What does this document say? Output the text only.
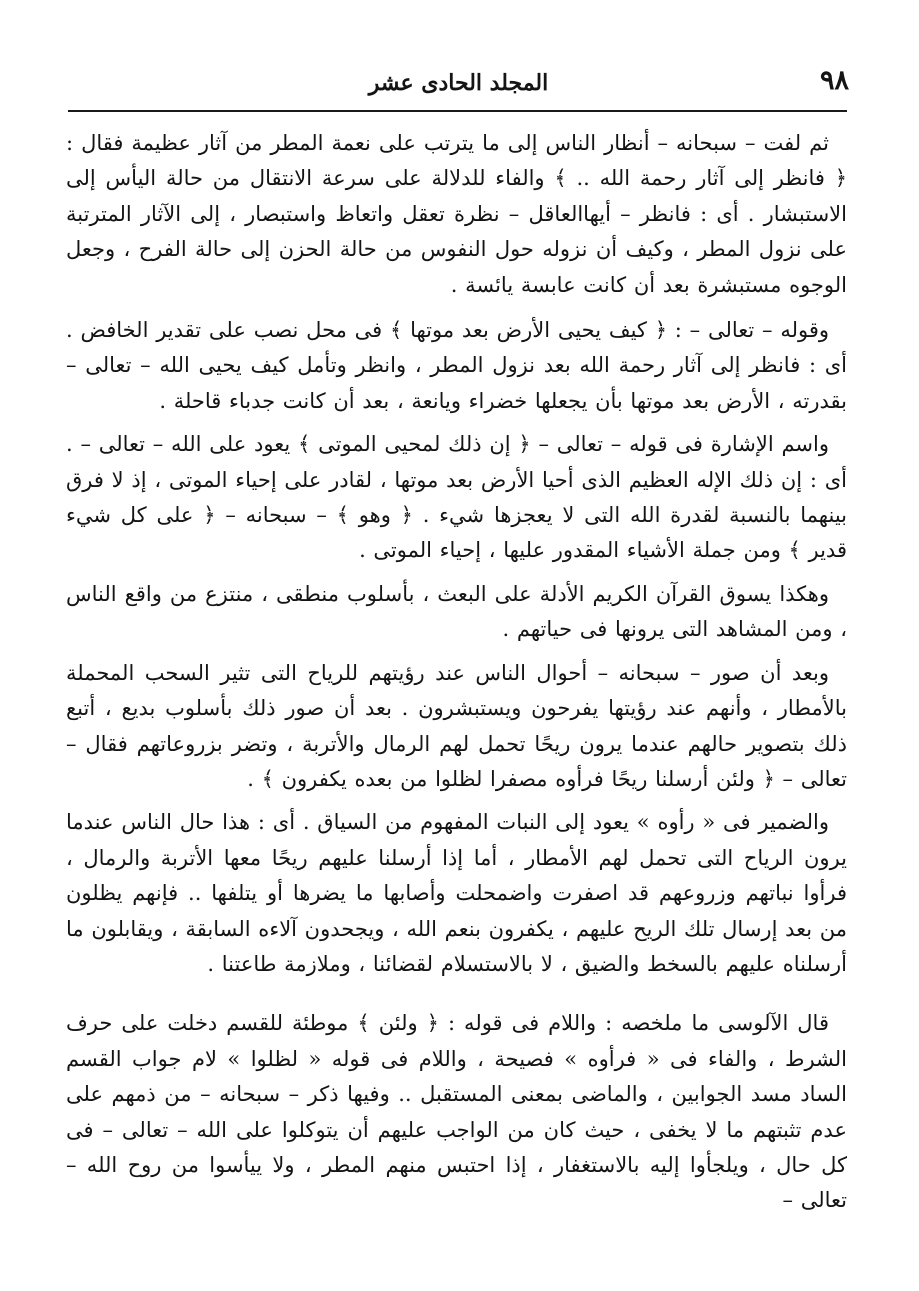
٩٨
المجلد الحادى عشر

ثم لفت – سبحانه – أنظار الناس إلى ما يترتب على نعمة المطر من آثار عظيمة فقال : ﴿ فانظر إلى آثار رحمة الله .. ﴾ والفاء للدلالة على سرعة الانتقال من حالة اليأس إلى الاستبشار . أى : فانظر – أيهاالعاقل – نظرة تعقل واتعاظ واستبصار ، إلى الآثار المترتبة على نزول المطر ، وكيف أن نزوله حول النفوس من حالة الحزن إلى حالة الفرح ، وجعل الوجوه مستبشرة بعد أن كانت عابسة يائسة .

وقوله – تعالى – : ﴿ كيف يحيى الأرض بعد موتها ﴾ فى محل نصب على تقدير الخافض . أى : فانظر إلى آثار رحمة الله بعد نزول المطر ، وانظر وتأمل كيف يحيى الله – تعالى – بقدرته ، الأرض بعد موتها بأن يجعلها خضراء ويانعة ، بعد أن كانت جدباء قاحلة .

واسم الإشارة فى قوله – تعالى – ﴿ إن ذلك لمحيى الموتى ﴾ يعود على الله – تعالى – . أى : إن ذلك الإله العظيم الذى أحيا الأرض بعد موتها ، لقادر على إحياء الموتى ، إذ لا فرق بينهما بالنسبة لقدرة الله التى لا يعجزها شيء . ﴿ وهو ﴾ – سبحانه – ﴿ على كل شيء قدير ﴾ ومن جملة الأشياء المقدور عليها ، إحياء الموتى .

وهكذا يسوق القرآن الكريم الأدلة على البعث ، بأسلوب منطقى ، منتزع من واقع الناس ، ومن المشاهد التى يرونها فى حياتهم .

وبعد أن صور – سبحانه – أحوال الناس عند رؤيتهم للرياح التى تثير السحب المحملة بالأمطار ، وأنهم عند رؤيتها يفرحون ويستبشرون . بعد أن صور ذلك بأسلوب بديع ، أتبع ذلك بتصوير حالهم عندما يرون ريحًا تحمل لهم الرمال والأتربة ، وتضر بزروعاتهم فقال – تعالى – ﴿ ولئن أرسلنا ريحًا فرأوه مصفرا لظلوا من بعده يكفرون ﴾ .

والضمير فى « رأوه » يعود إلى النبات المفهوم من السياق . أى : هذا حال الناس عندما يرون الرياح التى تحمل لهم الأمطار ، أما إذا أرسلنا عليهم ريحًا معها الأتربة والرمال ، فرأوا نباتهم وزروعهم قد اصفرت واضمحلت وأصابها ما يضرها أو يتلفها .. فإنهم يظلون من بعد إرسال تلك الريح عليهم ، يكفرون بنعم الله ، ويجحدون آلاءه السابقة ، ويقابلون ما أرسلناه عليهم بالسخط والضيق ، لا بالاستسلام لقضائنا ، وملازمة طاعتنا .

قال الآلوسى ما ملخصه : واللام فى قوله : ﴿ ولئن ﴾ موطئة للقسم دخلت على حرف الشرط ، والفاء فى « فرأوه » فصيحة ، واللام فى قوله « لظلوا » لام جواب القسم الساد مسد الجوابين ، والماضى بمعنى المستقبل .. وفيها ذكر – سبحانه – من ذمهم على عدم تثبتهم ما لا يخفى ، حيث كان من الواجب عليهم أن يتوكلوا على الله – تعالى – فى كل حال ، ويلجأوا إليه بالاستغفار ، إذا احتبس منهم المطر ، ولا ييأسوا من روح الله – تعالى –
